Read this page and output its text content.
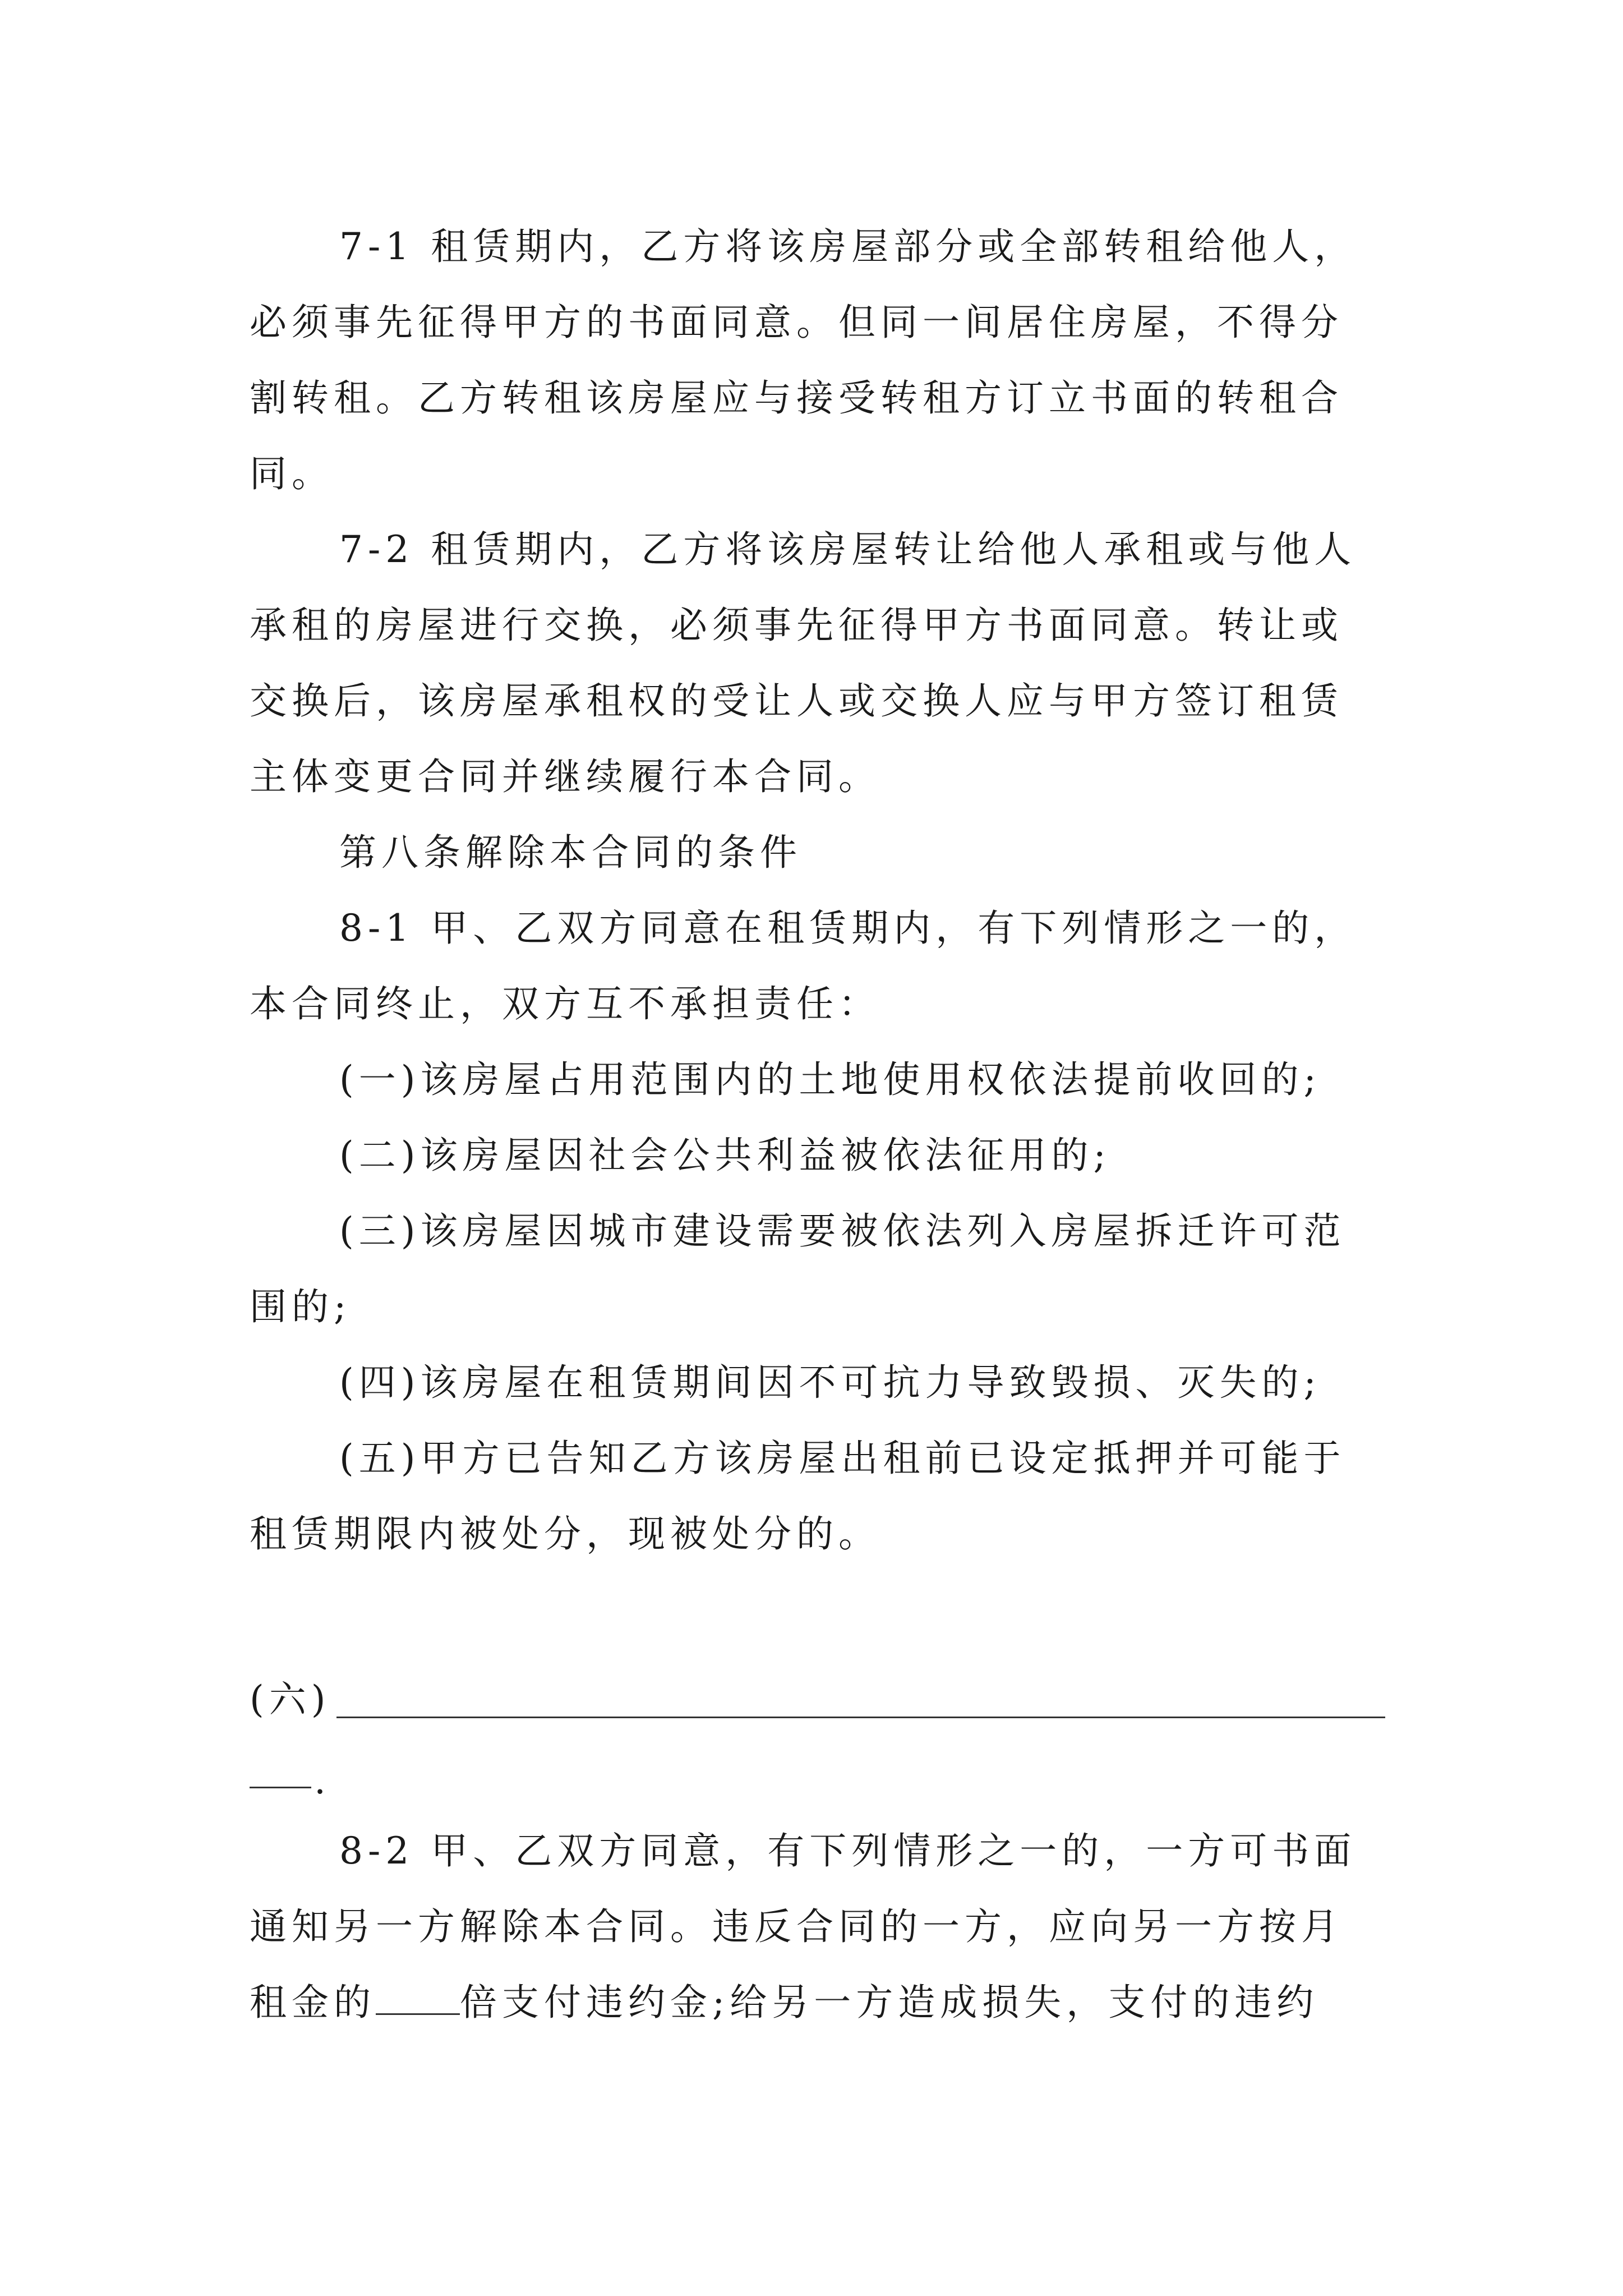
7-1 租赁期内，乙方将该房屋部分或全部转租给他人，
必须事先征得甲方的书面同意。但同一间居住房屋，不得分
割转租。乙方转租该房屋应与接受转租方订立书面的转租合
同。
7-2 租赁期内，乙方将该房屋转让给他人承租或与他人
承租的房屋进行交换，必须事先征得甲方书面同意。转让或
交换后，该房屋承租权的受让人或交换人应与甲方签订租赁
主体变更合同并继续履行本合同。
第八条解除本合同的条件
8-1 甲、乙双方同意在租赁期内，有下列情形之一的，
本合同终止，双方互不承担责任：
(一)该房屋占用范围内的土地使用权依法提前收回的;
(二)该房屋因社会公共利益被依法征用的;
(三)该房屋因城市建设需要被依法列入房屋拆迁许可范
围的;
(四)该房屋在租赁期间因不可抗力导致毁损、灭失的;
(五)甲方已告知乙方该房屋出租前已设定抵押并可能于
租赁期限内被处分，现被处分的。
(六)
.
8-2 甲、乙双方同意，有下列情形之一的，一方可书面
通知另一方解除本合同。违反合同的一方，应向另一方按月
租金的 倍支付违约金;给另一方造成损失，支付的违约
